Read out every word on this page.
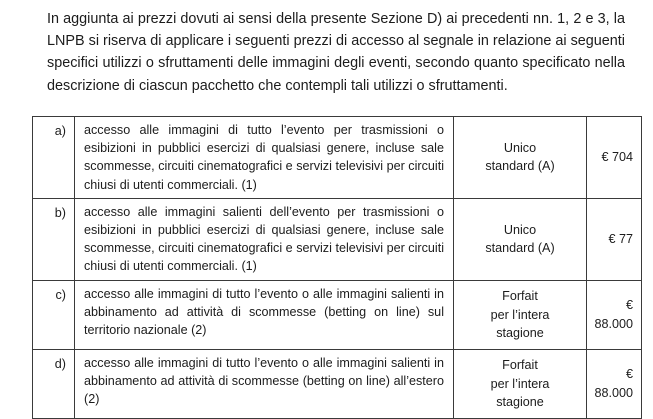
In aggiunta ai prezzi dovuti ai sensi della presente Sezione D) ai precedenti nn. 1, 2 e 3, la LNPB si riserva di applicare i seguenti prezzi di accesso al segnale in relazione ai seguenti specifici utilizzi o sfruttamenti delle immagini degli eventi, secondo quanto specificato nella descrizione di ciascun pacchetto che contempli tali utilizzi o sfruttamenti.

a)	accesso alle immagini di tutto l’evento per trasmissioni o esibizioni in pubblici esercizi di qualsiasi genere, incluse sale scommesse, circuiti cinematografici e servizi televisivi per circuiti chiusi di utenti commerciali. (1)	Unico
standard (A)	€ 704
b)	accesso alle immagini salienti dell’evento per trasmissioni o esibizioni in pubblici esercizi di qualsiasi genere, incluse sale scommesse, circuiti cinematografici e servizi televisivi per circuiti chiusi di utenti commerciali. (1)	Unico
standard (A)	€ 77
c)	accesso alle immagini di tutto l’evento o alle immagini salienti in abbinamento ad attività di scommesse (betting on line) sul territorio nazionale (2)	Forfait
per l’intera
stagione	€ 88.000
d)	accesso alle immagini di tutto l’evento o alle immagini salienti in abbinamento ad attività di scommesse (betting on line) all’estero (2)	Forfait
per l’intera
stagione	€ 88.000
